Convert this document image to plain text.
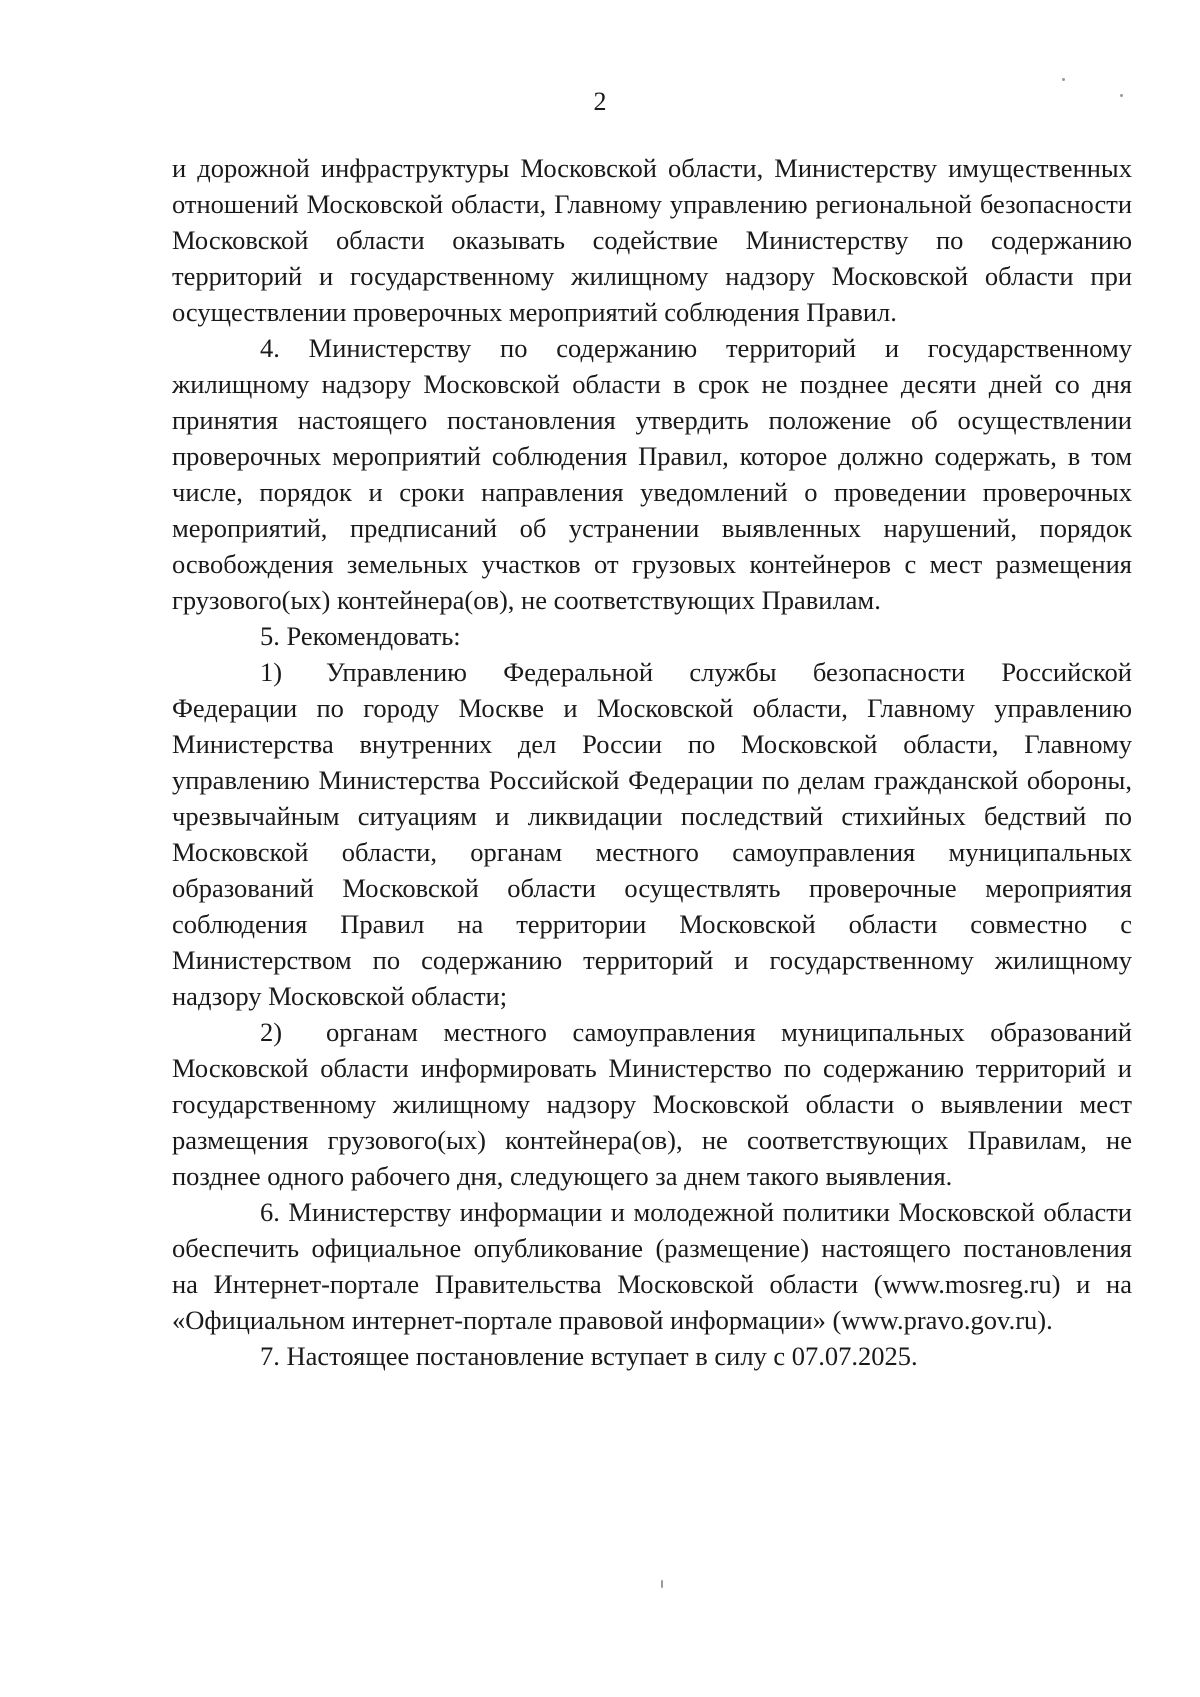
2

и дорожной инфраструктуры Московской области, Министерству имущественных отношений Московской области, Главному управлению региональной безопасности Московской области оказывать содействие Министерству по содержанию территорий и государственному жилищному надзору Московской области при осуществлении проверочных мероприятий соблюдения Правил.

4. Министерству по содержанию территорий и государственному жилищному надзору Московской области в срок не позднее десяти дней со дня принятия настоящего постановления утвердить положение об осуществлении проверочных мероприятий соблюдения Правил, которое должно содержать, в том числе, порядок и сроки направления уведомлений о проведении проверочных мероприятий, предписаний об устранении выявленных нарушений, порядок освобождения земельных участков от грузовых контейнеров с мест размещения грузового(ых) контейнера(ов), не соответствующих Правилам.

5. Рекомендовать:

1) Управлению Федеральной службы безопасности Российской Федерации по городу Москве и Московской области, Главному управлению Министерства внутренних дел России по Московской области, Главному управлению Министерства Российской Федерации по делам гражданской обороны, чрезвычайным ситуациям и ликвидации последствий стихийных бедствий по Московской области, органам местного самоуправления муниципальных образований Московской области осуществлять проверочные мероприятия соблюдения Правил на территории Московской области совместно с Министерством по содержанию территорий и государственному жилищному надзору Московской области;

2) органам местного самоуправления муниципальных образований Московской области информировать Министерство по содержанию территорий и государственному жилищному надзору Московской области о выявлении мест размещения грузового(ых) контейнера(ов), не соответствующих Правилам, не позднее одного рабочего дня, следующего за днем такого выявления.

6. Министерству информации и молодежной политики Московской области обеспечить официальное опубликование (размещение) настоящего постановления на Интернет-портале Правительства Московской области (www.mosreg.ru) и на «Официальном интернет-портале правовой информации» (www.pravo.gov.ru).

7. Настоящее постановление вступает в силу с 07.07.2025.
